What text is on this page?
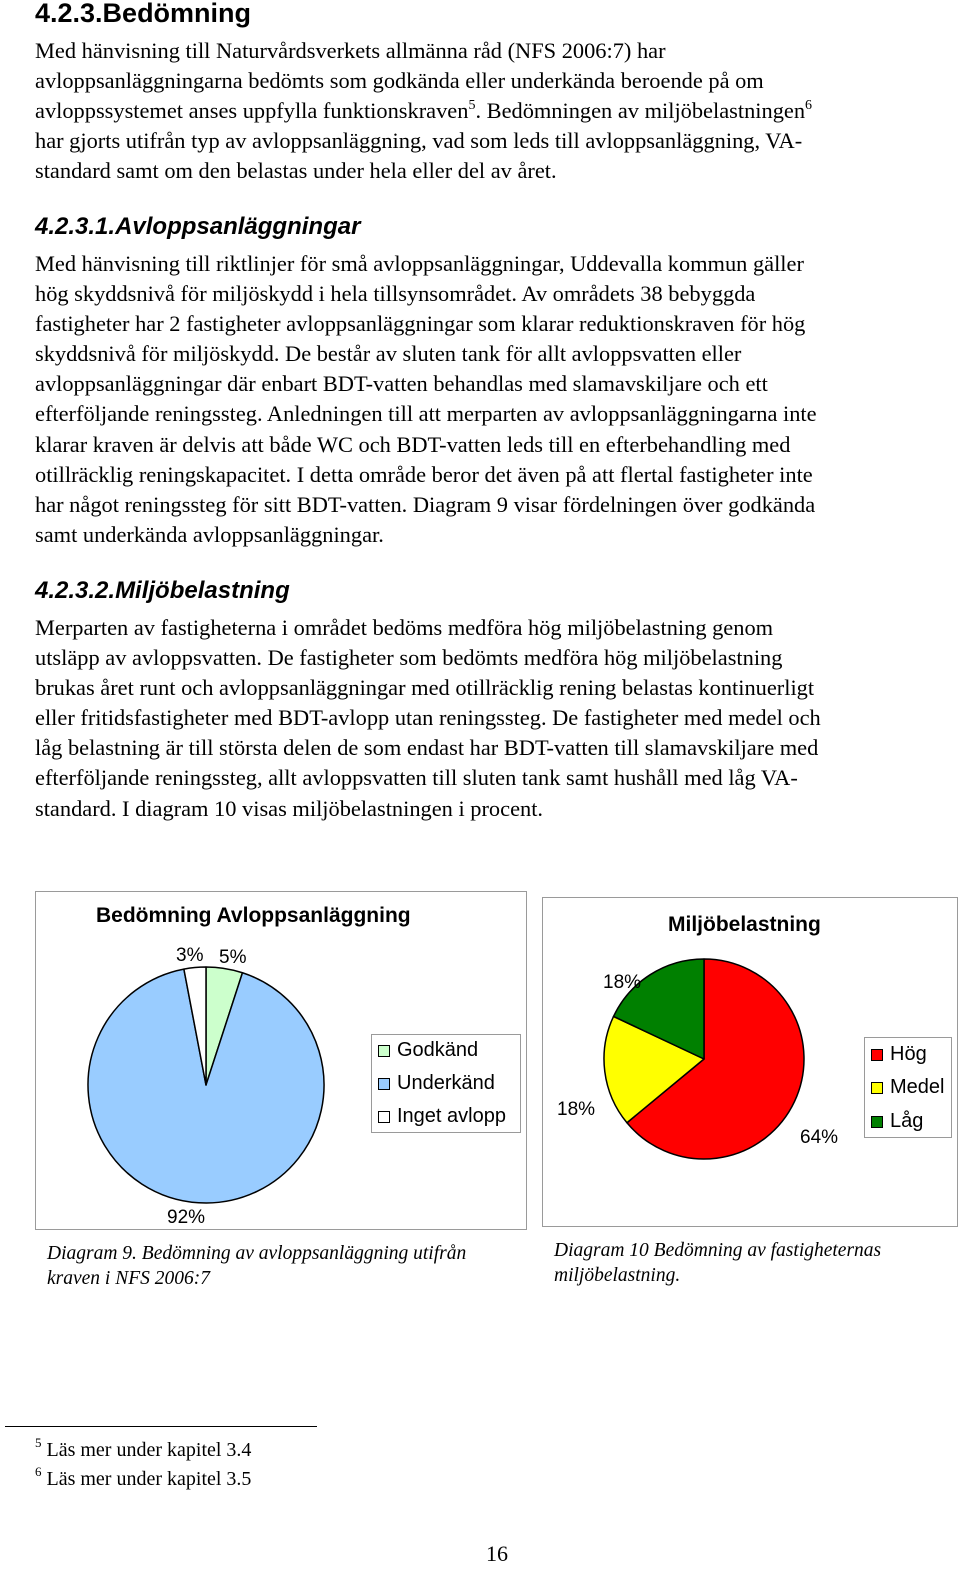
4.2.3.Bedömning

Med hänvisning till Naturvårdsverkets allmänna råd (NFS 2006:7) har
avloppsanläggningarna bedömts som godkända eller underkända beroende på om
avloppssystemet anses uppfylla funktionskraven$^5$. Bedömningen av miljöbelastningen$^6$
har gjorts utifrån typ av avloppsanläggning, vad som leds till avloppsanläggning, VA-
standard samt om den belastas under hela eller del av året.

4.2.3.1.Avloppsanläggningar

Med hänvisning till riktlinjer för små avloppsanläggningar, Uddevalla kommun gäller
hög skyddsnivå för miljöskydd i hela tillsynsområdet. Av områdets 38 bebyggda
fastigheter har 2 fastigheter avloppsanläggningar som klarar reduktionskraven för hög
skyddsnivå för miljöskydd. De består av sluten tank för allt avloppsvatten eller
avloppsanläggningar där enbart BDT-vatten behandlas med slamavskiljare och ett
efterföljande reningssteg. Anledningen till att merparten av avloppsanläggningarna inte
klarar kraven är delvis att både WC och BDT-vatten leds till en efterbehandling med
otillräcklig reningskapacitet. I detta område beror det även på att flertal fastigheter inte
har något reningssteg för sitt BDT-vatten. Diagram 9 visar fördelningen över godkända
samt underkända avloppsanläggningar.

4.2.3.2.Miljöbelastning

Merparten av fastigheterna i området bedöms medföra hög miljöbelastning genom
utsläpp av avloppsvatten. De fastigheter som bedömts medföra hög miljöbelastning
brukas året runt och avloppsanläggningar med otillräcklig rening belastas kontinuerligt
eller fritidsfastigheter med BDT-avlopp utan reningssteg. De fastigheter med medel och
låg belastning är till största delen de som endast har BDT-vatten till slamavskiljare med
efterföljande reningssteg, allt avloppsvatten till sluten tank samt hushåll med låg VA-
standard. I diagram 10 visas miljöbelastningen i procent.

Bedömning Avloppsanläggning
3% 5%
92%
Godkänd
Underkänd
Inget avlopp
Miljöbelastning
18%
18%
64%
Hög
Medel
Låg

Diagram 9. Bedömning av avloppsanläggning utifrån
kraven i NFS 2006:7

Diagram 10 Bedömning av fastigheternas
miljöbelastning.

$^5$ Läs mer under kapitel 3.4
$^6$ Läs mer under kapitel 3.5
16
